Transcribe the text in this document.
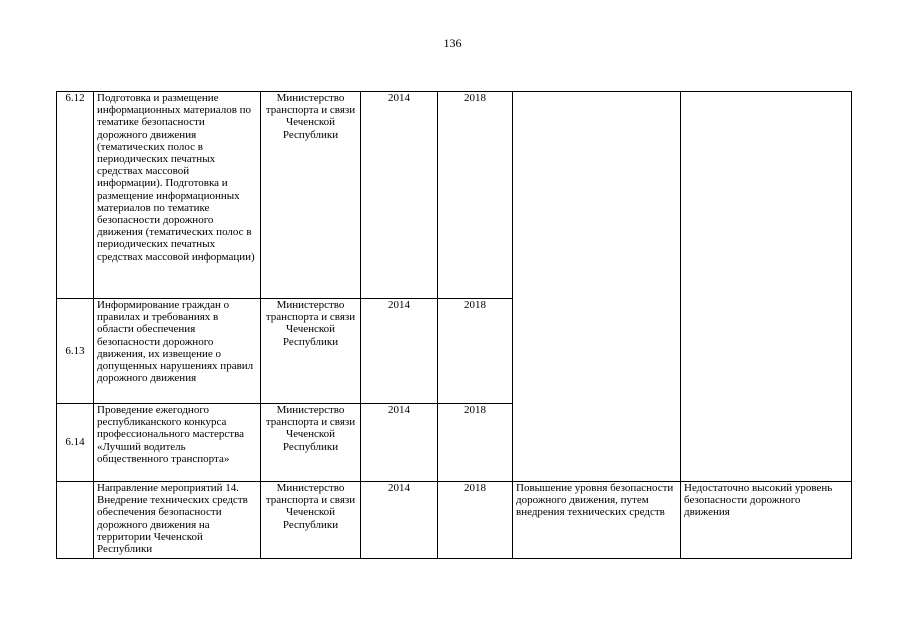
136
6.12	Подготовка и размещение информационных материалов по тематике безопасности дорожного движения (тематических полос в периодических печатных средствах массовой информации). Подготовка и размещение информационных материалов по тематике безопасности дорожного движения (тематических полос в периодических печатных средствах массовой информации)	Министерство транспорта и связи Чеченской Республики	2014	2018		
6.13	Информирование граждан о правилах и требованиях в области обеспечения безопасности дорожного движения, их извещение о допущенных нарушениях правил дорожного движения	Министерство транспорта и связи Чеченской Республики	2014	2018		
6.14	Проведение ежегодного республиканского конкурса профессионального мастерства «Лучший водитель общественного транспорта»	Министерство транспорта и связи Чеченской Республики	2014	2018		
	Направление мероприятий 14. Внедрение технических средств обеспечения безопасности дорожного движения на территории Чеченской Республики	Министерство транспорта и связи Чеченской Республики	2014	2018	Повышение уровня безопасности дорожного движения, путем внедрения технических средств	Недостаточно высокий уровень безопасности дорожного движения
